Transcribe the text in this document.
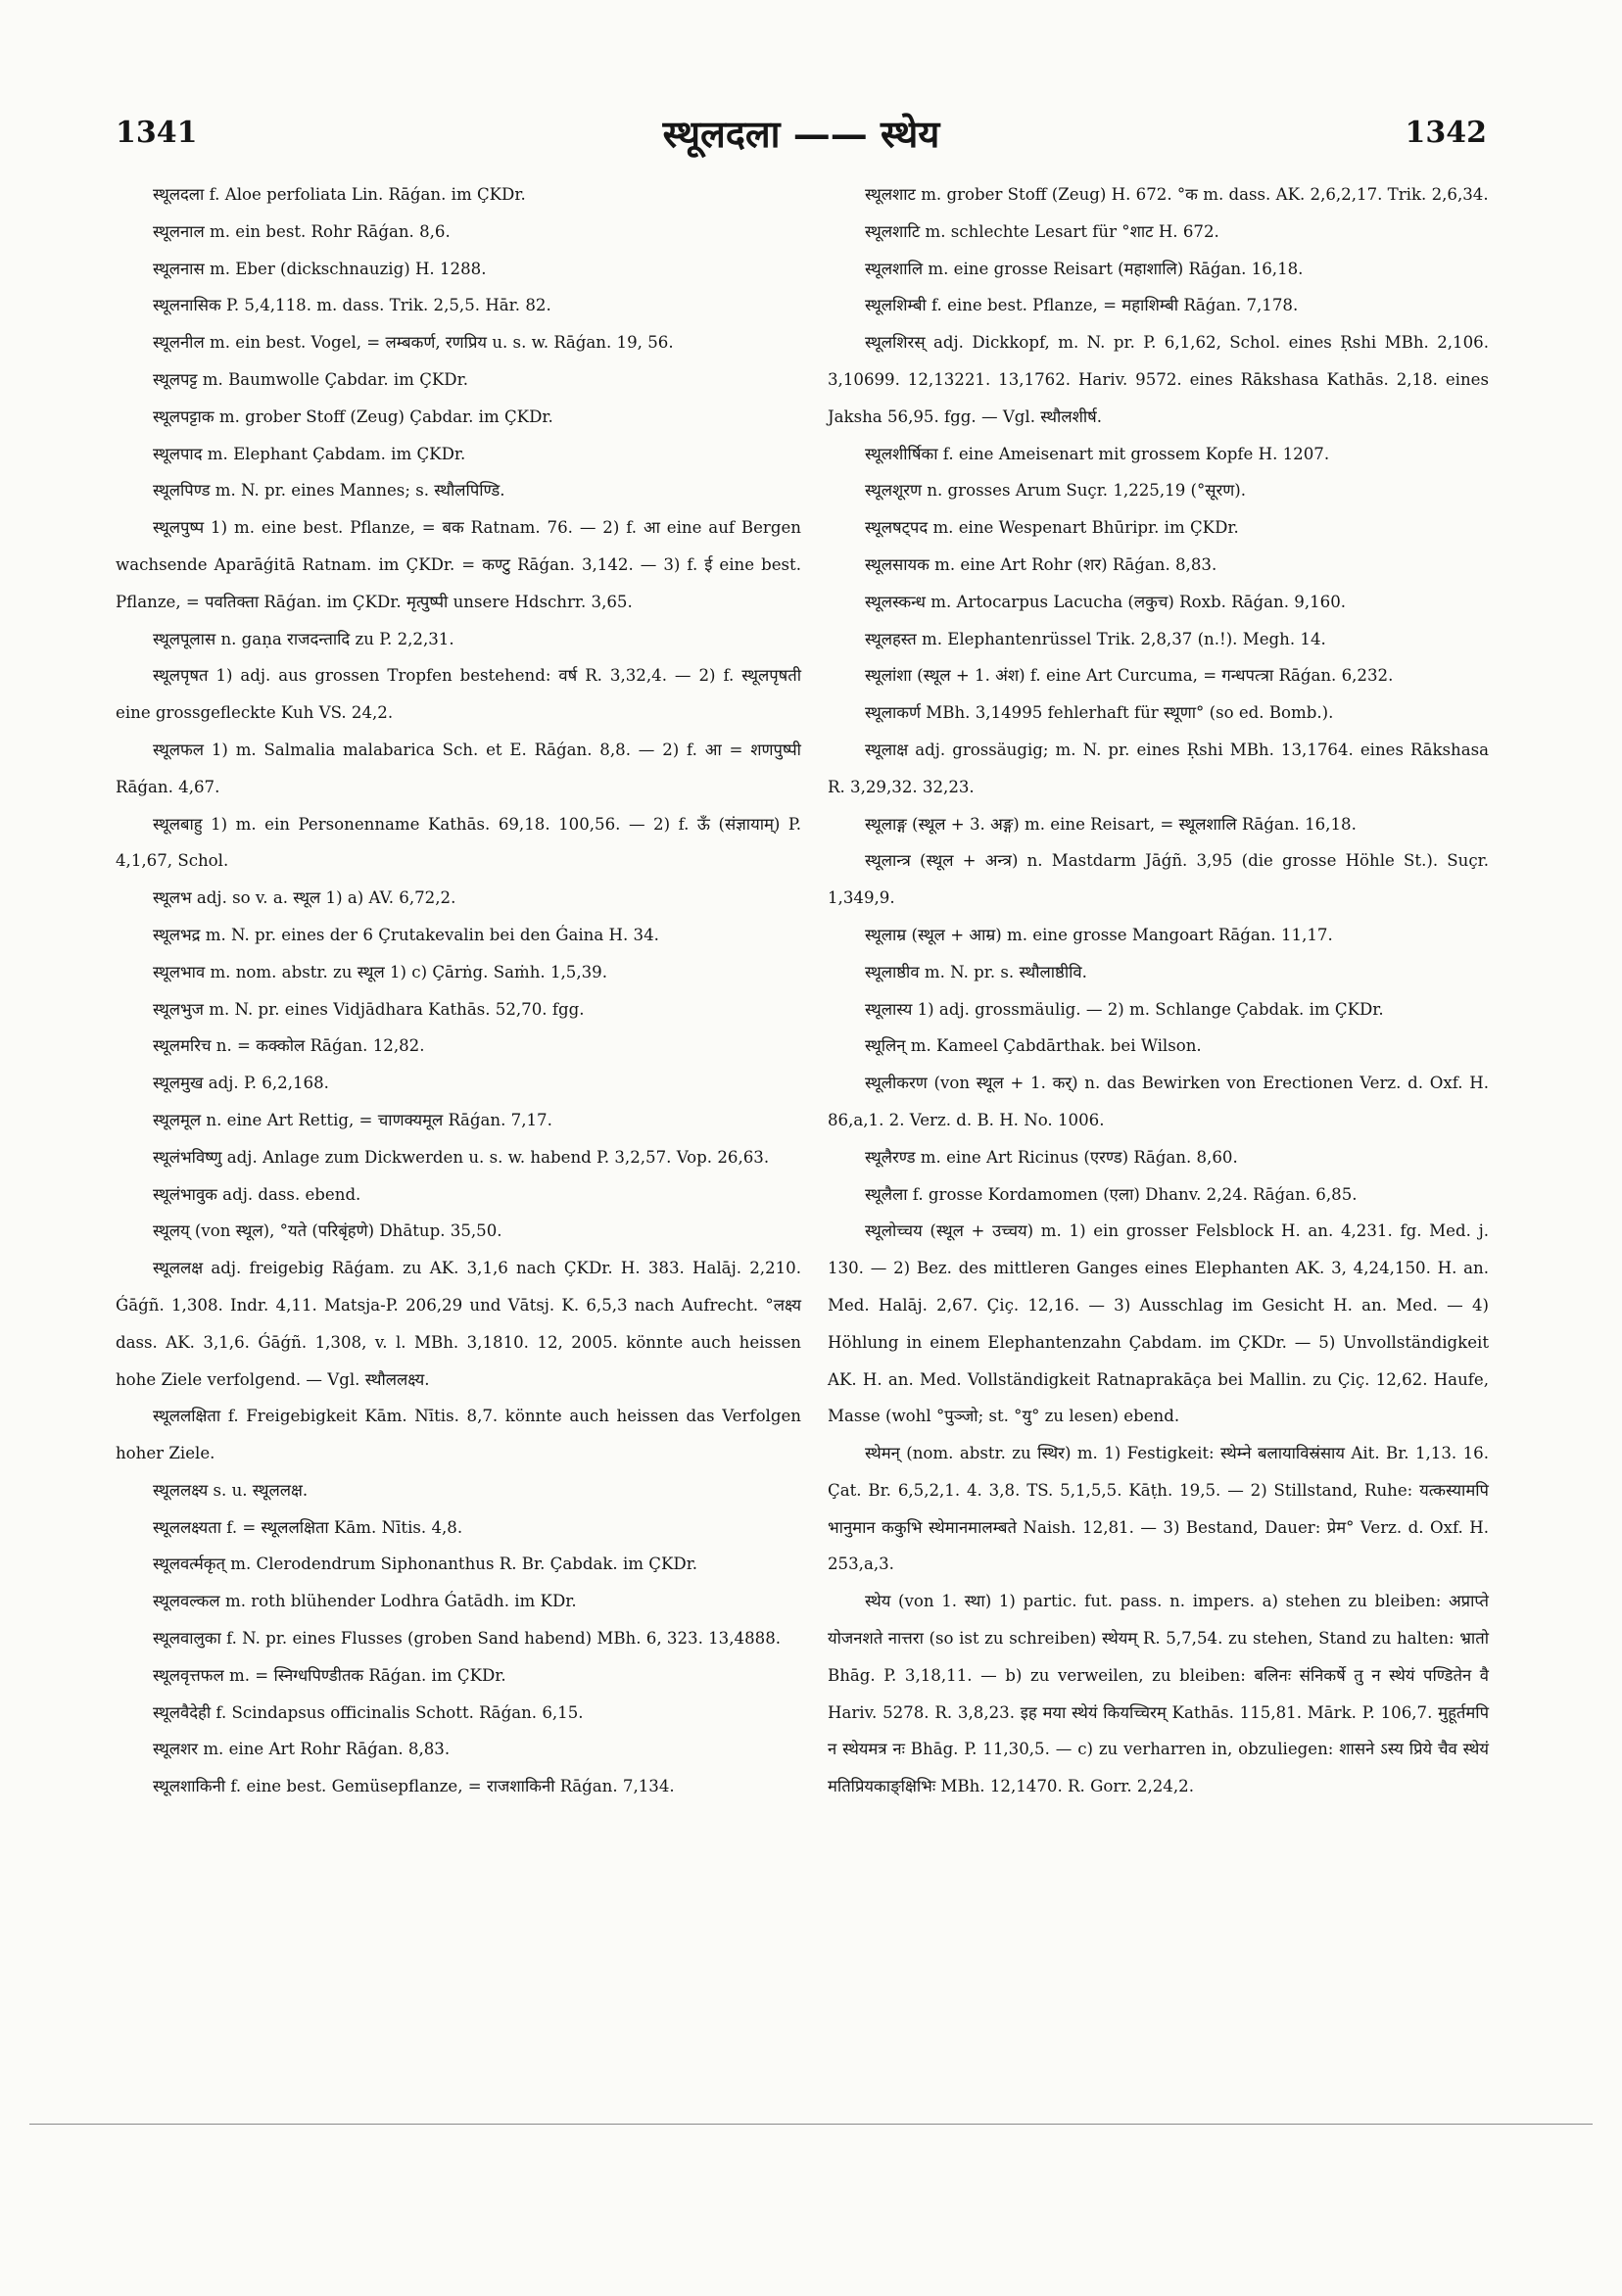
1341	स्थूलदला —— स्थेय	1342

स्थूलदला f. Aloe perfoliata Lin. Rāǵan. im ÇKDr.

स्थूलनाल m. ein best. Rohr Rāǵan. 8,6.

स्थूलनास m. Eber (dickschnauzig) H. 1288.

स्थूलनासिक P. 5,4,118. m. dass. Trik. 2,5,5. Hār. 82.

स्थूलनील m. ein best. Vogel, = लम्बकर्ण, रणप्रिय u. s. w. Rāǵan. 19, 56.

स्थूलपट्ट m. Baumwolle Çabdar. im ÇKDr.

स्थूलपट्टाक m. grober Stoff (Zeug) Çabdar. im ÇKDr.

स्थूलपाद m. Elephant Çabdam. im ÇKDr.

स्थूलपिण्ड m. N. pr. eines Mannes; s. स्थौलपिण्डि.

स्थूलपुष्प 1) m. eine best. Pflanze, = बक Ratnam. 76. — 2) f. आ eine auf Bergen wachsende Aparāǵitā Ratnam. im ÇKDr. = कण्टु Rāǵan. 3,142. — 3) f. ई eine best. Pflanze, = पवतिक्ता Rāǵan. im ÇKDr. मृत्पुष्पी unsere Hdschrr. 3,65.

स्थूलपूलास n. gaṇa राजदन्तादि zu P. 2,2,31.

स्थूलपृषत 1) adj. aus grossen Tropfen bestehend: वर्ष R. 3,32,4. — 2) f. स्थूलपृषती eine grossgefleckte Kuh VS. 24,2.

स्थूलफल 1) m. Salmalia malabarica Sch. et E. Rāǵan. 8,8. — 2) f. आ = शणपुष्पी Rāǵan. 4,67.

स्थूलबाहु 1) m. ein Personenname Kathās. 69,18. 100,56. — 2) f. ऊँ (संज्ञायाम्) P. 4,1,67, Schol.

स्थूलभ adj. so v. a. स्थूल 1) a) AV. 6,72,2.

स्थूलभद्र m. N. pr. eines der 6 Çrutakevalin bei den Ǵaina H. 34.

स्थूलभाव m. nom. abstr. zu स्थूल 1) c) Çārṅg. Saṁh. 1,5,39.

स्थूलभुज m. N. pr. eines Vidjādhara Kathās. 52,70. fgg.

स्थूलमरिच n. = कक्कोल Rāǵan. 12,82.

स्थूलमुख adj. P. 6,2,168.

स्थूलमूल n. eine Art Rettig, = चाणक्यमूल Rāǵan. 7,17.

स्थूलंभविष्णु adj. Anlage zum Dickwerden u. s. w. habend P. 3,2,57. Vop. 26,63.

स्थूलंभावुक adj. dass. ebend.

स्थूलय् (von स्थूल), °यते (परिबृंहणे) Dhātup. 35,50.

स्थूललक्ष adj. freigebig Rāǵam. zu AK. 3,1,6 nach ÇKDr. H. 383. Halāj. 2,210. Ǵāǵñ. 1,308. Indr. 4,11. Matsja-P. 206,29 und Vātsj. K. 6,5,3 nach Aufrecht. °लक्ष्य dass. AK. 3,1,6. Ǵāǵñ. 1,308, v. l. MBh. 3,1810. 12, 2005. könnte auch heissen hohe Ziele verfolgend. — Vgl. स्थौललक्ष्य.

स्थूललक्षिता f. Freigebigkeit Kām. Nītis. 8,7. könnte auch heissen das Verfolgen hoher Ziele.

स्थूललक्ष्य s. u. स्थूललक्ष.

स्थूललक्ष्यता f. = स्थूललक्षिता Kām. Nītis. 4,8.

स्थूलवर्त्मकृत् m. Clerodendrum Siphonanthus R. Br. Çabdak. im ÇKDr.

स्थूलवल्कल m. roth blühender Lodhra Ǵatādh. im KDr.

स्थूलवालुका f. N. pr. eines Flusses (groben Sand habend) MBh. 6, 323. 13,4888.

स्थूलवृत्तफल m. = स्निग्धपिण्डीतक Rāǵan. im ÇKDr.

स्थूलवैदेही f. Scindapsus officinalis Schott. Rāǵan. 6,15.

स्थूलशर m. eine Art Rohr Rāǵan. 8,83.

स्थूलशाकिनी f. eine best. Gemüsepflanze, = राजशाकिनी Rāǵan. 7,134.

स्थूलशाट m. grober Stoff (Zeug) H. 672. °क m. dass. AK. 2,6,2,17. Trik. 2,6,34.

स्थूलशाटि m. schlechte Lesart für °शाट H. 672.

स्थूलशालि m. eine grosse Reisart (महाशालि) Rāǵan. 16,18.

स्थूलशिम्बी f. eine best. Pflanze, = महाशिम्बी Rāǵan. 7,178.

स्थूलशिरस् adj. Dickkopf, m. N. pr. P. 6,1,62, Schol. eines Ṛshi MBh. 2,106. 3,10699. 12,13221. 13,1762. Hariv. 9572. eines Rākshasa Kathās. 2,18. eines Jaksha 56,95. fgg. — Vgl. स्थौलशीर्ष.

स्थूलशीर्षिका f. eine Ameisenart mit grossem Kopfe H. 1207.

स्थूलशूरण n. grosses Arum Suçr. 1,225,19 (°सूरण).

स्थूलषट्पद m. eine Wespenart Bhūripr. im ÇKDr.

स्थूलसायक m. eine Art Rohr (शर) Rāǵan. 8,83.

स्थूलस्कन्ध m. Artocarpus Lacucha (लकुच) Roxb. Rāǵan. 9,160.

स्थूलहस्त m. Elephantenrüssel Trik. 2,8,37 (n.!). Megh. 14.

स्थूलांशा (स्थूल + 1. अंश) f. eine Art Curcuma, = गन्धपत्त्रा Rāǵan. 6,232.

स्थूलाकर्ण MBh. 3,14995 fehlerhaft für स्थूणा° (so ed. Bomb.).

स्थूलाक्ष adj. grossäugig; m. N. pr. eines Ṛshi MBh. 13,1764. eines Rākshasa R. 3,29,32. 32,23.

स्थूलाङ्ग (स्थूल + 3. अङ्ग) m. eine Reisart, = स्थूलशालि Rāǵan. 16,18.

स्थूलान्त्र (स्थूल + अन्त्र) n. Mastdarm Jāǵñ. 3,95 (die grosse Höhle St.). Suçr. 1,349,9.

स्थूलाम्र (स्थूल + आम्र) m. eine grosse Mangoart Rāǵan. 11,17.

स्थूलाष्ठीव m. N. pr. s. स्थौलाष्ठीवि.

स्थूलास्य 1) adj. grossmäulig. — 2) m. Schlange Çabdak. im ÇKDr.

स्थूलिन् m. Kameel Çabdārthak. bei Wilson.

स्थूलीकरण (von स्थूल + 1. कर्) n. das Bewirken von Erectionen Verz. d. Oxf. H. 86,a,1. 2. Verz. d. B. H. No. 1006.

स्थूलैरण्ड m. eine Art Ricinus (एरण्ड) Rāǵan. 8,60.

स्थूलैला f. grosse Kordamomen (एला) Dhanv. 2,24. Rāǵan. 6,85.

स्थूलोच्चय (स्थूल + उच्चय) m. 1) ein grosser Felsblock H. an. 4,231. fg. Med. j. 130. — 2) Bez. des mittleren Ganges eines Elephanten AK. 3, 4,24,150. H. an. Med. Halāj. 2,67. Çiç. 12,16. — 3) Ausschlag im Gesicht H. an. Med. — 4) Höhlung in einem Elephantenzahn Çabdam. im ÇKDr. — 5) Unvollständigkeit AK. H. an. Med. Vollständigkeit Ratnaprakāça bei Mallin. zu Çiç. 12,62. Haufe, Masse (wohl °पुञ्जो; st. °यु° zu lesen) ebend.

स्थेमन् (nom. abstr. zu स्थिर) m. 1) Festigkeit: स्थेम्ने बलायाविस्रंसाय Ait. Br. 1,13. 16. Çat. Br. 6,5,2,1. 4. 3,8. TS. 5,1,5,5. Kāṭh. 19,5. — 2) Stillstand, Ruhe: यत्कस्यामपि भानुमान ककुभि स्थेमानमालम्बते Naish. 12,81. — 3) Bestand, Dauer: प्रेम° Verz. d. Oxf. H. 253,a,3.

स्थेय (von 1. स्था) 1) partic. fut. pass. n. impers. a) stehen zu bleiben: अप्राप्ते योजनशते नात्तरा (so ist zu schreiben) स्थेयम् R. 5,7,54. zu stehen, Stand zu halten: भ्रातो Bhāg. P. 3,18,11. — b) zu verweilen, zu bleiben: बलिनः संनिकर्षे तु न स्थेयं पण्डितेन वै Hariv. 5278. R. 3,8,23. इह मया स्थेयं कियच्चिरम् Kathās. 115,81. Mārk. P. 106,7. मुहूर्तमपि न स्थेयमत्र नः Bhāg. P. 11,30,5. — c) zu verharren in, obzuliegen: शासने ऽस्य प्रिये चैव स्थेयं मतिप्रियकाङ्क्षिभिः MBh. 12,1470. R. Gorr. 2,24,2.
